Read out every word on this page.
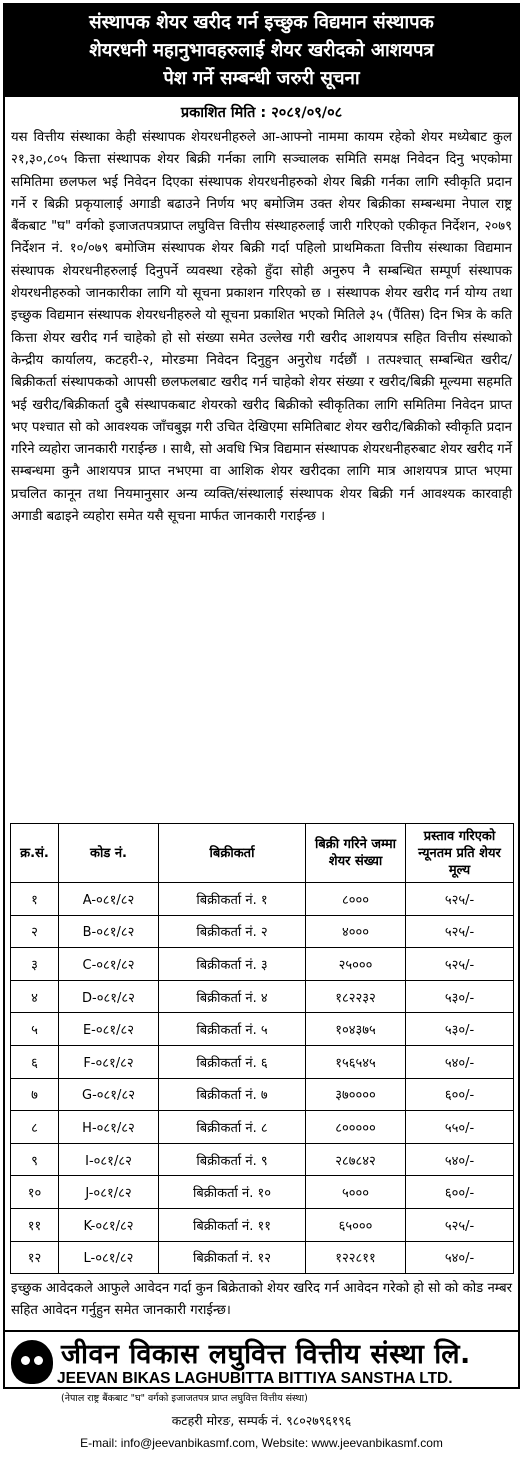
संस्थापक शेयर खरीद गर्न इच्छुक विद्यमान संस्थापक
शेयरधनी महानुभावहरुलाई शेयर खरीदको आशयपत्र
पेश गर्ने सम्बन्धी जरुरी सूचना
प्रकाशित मिति : २०८१/०९/०८
यस वित्तीय संस्थाका केही संस्थापक शेयरधनीहरुले आ-आफ्नो नाममा कायम रहेको शेयर मध्येबाट कुल २१,३०,८०५ कित्ता संस्थापक शेयर बिक्री गर्नका लागि सञ्चालक समिति समक्ष निवेदन दिनु भएकोमा समितिमा छलफल भई निवेदन दिएका संस्थापक शेयरधनीहरुको शेयर बिक्री गर्नका लागि स्वीकृति प्रदान गर्ने र बिक्री प्रकृयालाई अगाडी बढाउने निर्णय भए बमोजिम उक्त शेयर बिक्रीका सम्बन्धमा नेपाल राष्ट्र बैंकबाट "घ" वर्गको इजाजतपत्रप्राप्त लघुवित्त वित्तीय संस्थाहरुलाई जारी गरिएको एकीकृत निर्देशन, २०७९ निर्देशन नं. १०/०७९ बमोजिम संस्थापक शेयर बिक्री गर्दा पहिलो प्राथमिकता वित्तीय संस्थाका विद्यमान संस्थापक शेयरधनीहरुलाई दिनुपर्ने व्यवस्था रहेको हुँदा सोही अनुरुप नै सम्बन्धित सम्पूर्ण संस्थापक शेयरधनीहरुको जानकारीका लागि यो सूचना प्रकाशन गरिएको छ । संस्थापक शेयर खरीद गर्न योग्य तथा इच्छुक विद्यमान संस्थापक शेयरधनीहरुले यो सूचना प्रकाशित भएको मितिले ३५ (पैंतिस) दिन भित्र के कति कित्ता शेयर खरीद गर्न चाहेको हो सो संख्या समेत उल्लेख गरी खरीद आशयपत्र सहित वित्तीय संस्थाको केन्द्रीय कार्यालय, कटहरी-२, मोरङमा निवेदन दिनुहुन अनुरोध गर्दछौं । तत्पश्चात् सम्बन्धित खरीद/बिक्रीकर्ता संस्थापकको आपसी छलफलबाट खरीद गर्न चाहेको शेयर संख्या र खरीद/बिक्री मूल्यमा सहमति भई खरीद/बिक्रीकर्ता दुबै संस्थापकबाट शेयरको खरीद बिक्रीको स्वीकृतिका लागि समितिमा निवेदन प्राप्त भए पश्चात सो को आवश्यक जाँचबुझ गरी उचित देखिएमा समितिबाट शेयर खरीद/बिक्रीको स्वीकृति प्रदान गरिने व्यहोरा जानकारी गराईन्छ । साथै, सो अवधि भित्र विद्यमान संस्थापक शेयरधनीहरुबाट शेयर खरीद गर्ने सम्बन्धमा कुनै आशयपत्र प्राप्त नभएमा वा आशिक शेयर खरीदका लागि मात्र आशयपत्र प्राप्त भएमा प्रचलित कानून तथा नियमानुसार अन्य व्यक्ति/संस्थालाई संस्थापक शेयर बिक्री गर्न आवश्यक कारवाही अगाडी बढाइने व्यहोरा समेत यसै सूचना मार्फत जानकारी गराईन्छ ।
क्र.सं.	कोड नं.	बिक्रीकर्ता	बिक्री गरिने जम्मा शेयर संख्या	प्रस्ताव गरिएको न्यूनतम प्रति शेयर मूल्य
१	A-०८१/८२	बिक्रीकर्ता नं. १	८०००	५२५/-
२	B-०८१/८२	बिक्रीकर्ता नं. २	४०००	५२५/-
३	C-०८१/८२	बिक्रीकर्ता नं. ३	२५०००	५२५/-
४	D-०८१/८२	बिक्रीकर्ता नं. ४	१८२२३२	५३०/-
५	E-०८१/८२	बिक्रीकर्ता नं. ५	१०४३७५	५३०/-
६	F-०८१/८२	बिक्रीकर्ता नं. ६	१५६५४५	५४०/-
७	G-०८१/८२	बिक्रीकर्ता नं. ७	३७००००	६००/-
८	H-०८१/८२	बिक्रीकर्ता नं. ८	८०००००	५५०/-
९	I-०८१/८२	बिक्रीकर्ता नं. ९	२८७८४२	५४०/-
१०	J-०८१/८२	बिक्रीकर्ता नं. १०	५०००	६००/-
११	K-०८१/८२	बिक्रीकर्ता नं. ११	६५०००	५२५/-
१२	L-०८१/८२	बिक्रीकर्ता नं. १२	१२२८११	५४०/-
इच्छुक आवेदकले आफुले आवेदन गर्दा कुन बिक्रेताको शेयर खरिद गर्न आवेदन गरेको हो सो को कोड नम्बर सहित आवेदन गर्नुहुन समेत जानकारी गराईन्छ।
जीवन विकास लघुवित्त वित्तीय संस्था लि.
JEEVAN BIKAS LAGHUBITTA BITTIYA SANSTHA LTD.
(नेपाल राष्ट्र बैंकबाट "घ" वर्गको इजाजतपत्र प्राप्त लघुवित्त वित्तीय संस्था)
कटहरी मोरङ, सम्पर्क नं. ९८०२७९६१९६
E-mail: info@jeevanbikasmf.com, Website: www.jeevanbikasmf.com
